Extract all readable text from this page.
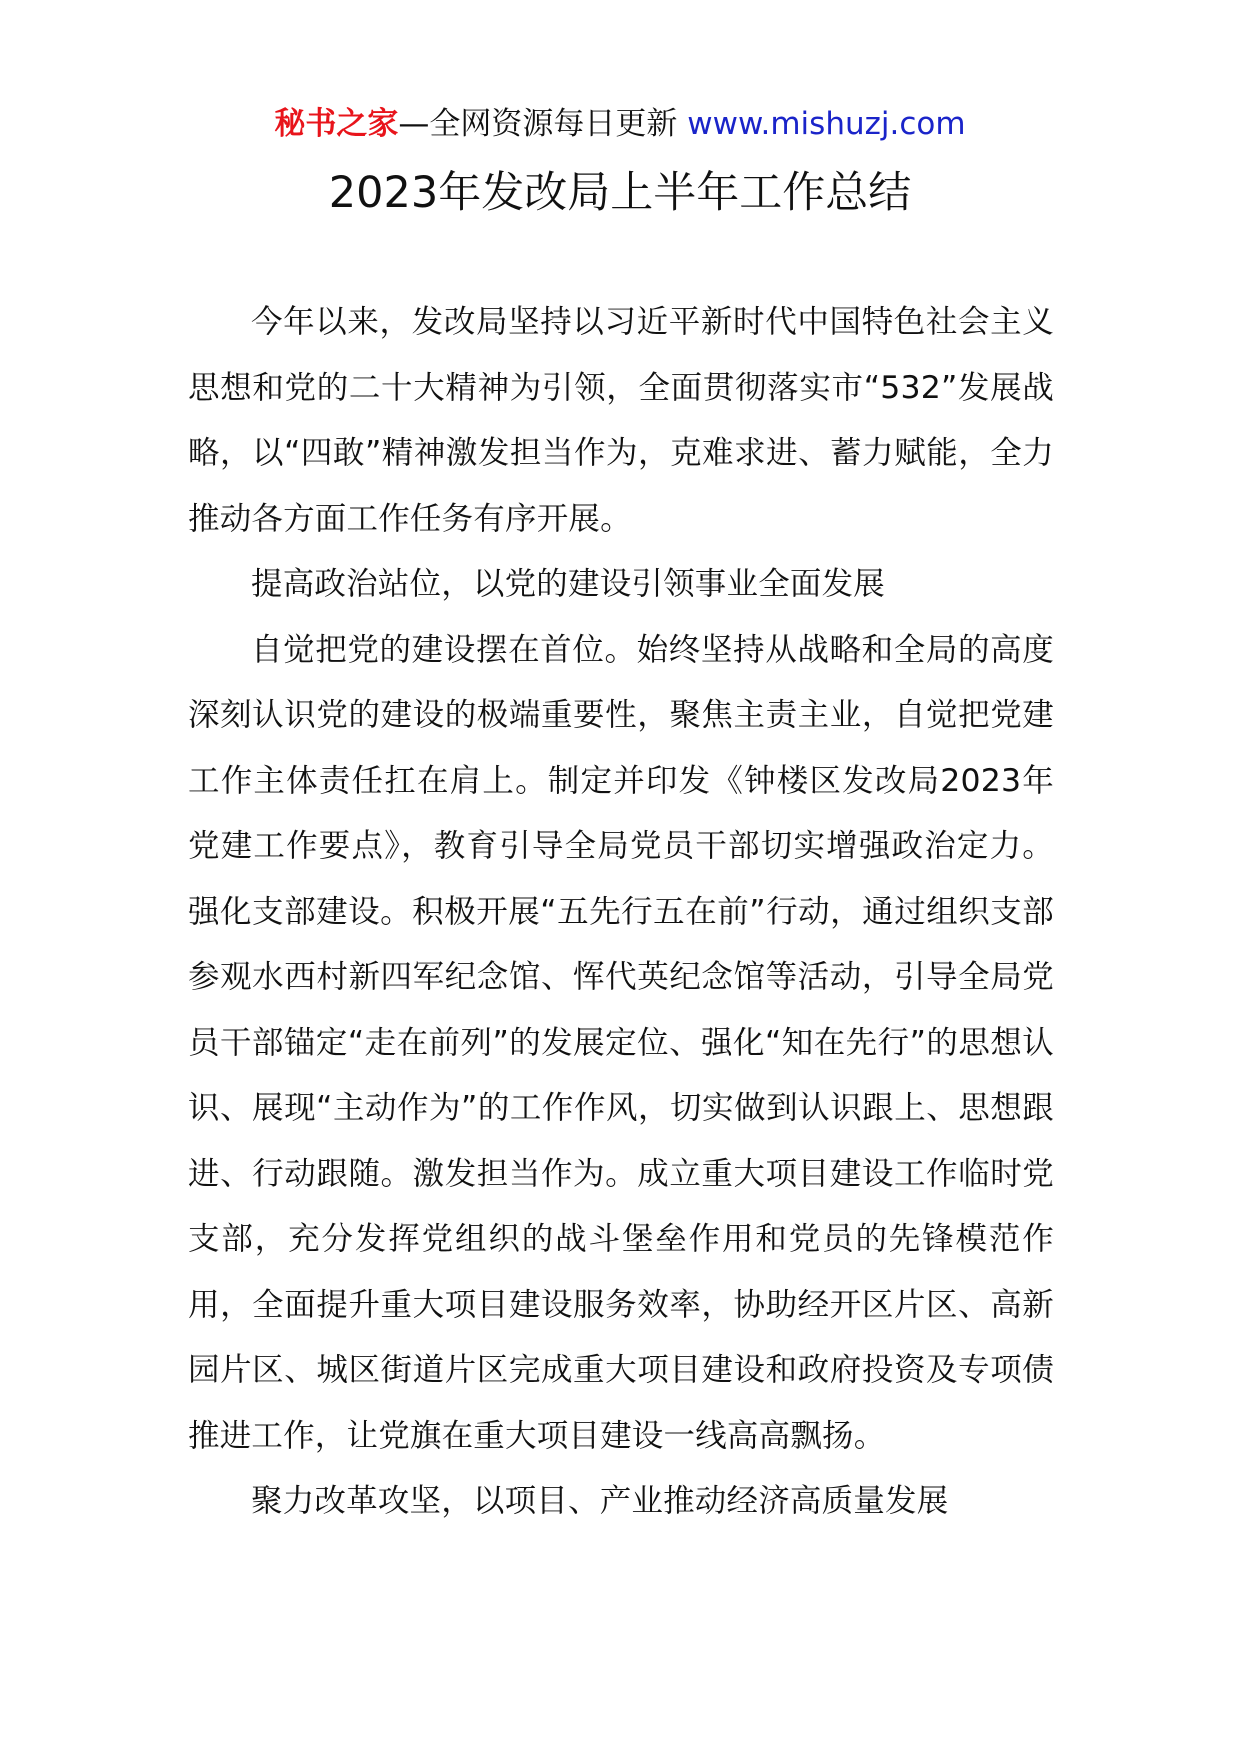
秘书之家—全网资源每日更新 www.mishuzj.com
2023年发改局上半年工作总结

今年以来，发改局坚持以习近平新时代中国特色社会主义思想和党的二十大精神为引领，全面贯彻落实市“532”发展战略，以“四敢”精神激发担当作为，克难求进、蓄力赋能，全力推动各方面工作任务有序开展。

提高政治站位，以党的建设引领事业全面发展

自觉把党的建设摆在首位。始终坚持从战略和全局的高度深刻认识党的建设的极端重要性，聚焦主责主业，自觉把党建工作主体责任扛在肩上。制定并印发《钟楼区发改局2023年党建工作要点》，教育引导全局党员干部切实增强政治定力。强化支部建设。积极开展“五先行五在前”行动，通过组织支部参观水西村新四军纪念馆、恽代英纪念馆等活动，引导全局党员干部锚定“走在前列”的发展定位、强化“知在先行”的思想认识、展现“主动作为”的工作作风，切实做到认识跟上、思想跟进、行动跟随。激发担当作为。成立重大项目建设工作临时党支部，充分发挥党组织的战斗堡垒作用和党员的先锋模范作用，全面提升重大项目建设服务效率，协助经开区片区、高新园片区、城区街道片区完成重大项目建设和政府投资及专项债推进工作，让党旗在重大项目建设一线高高飘扬。

聚力改革攻坚，以项目、产业推动经济高质量发展
